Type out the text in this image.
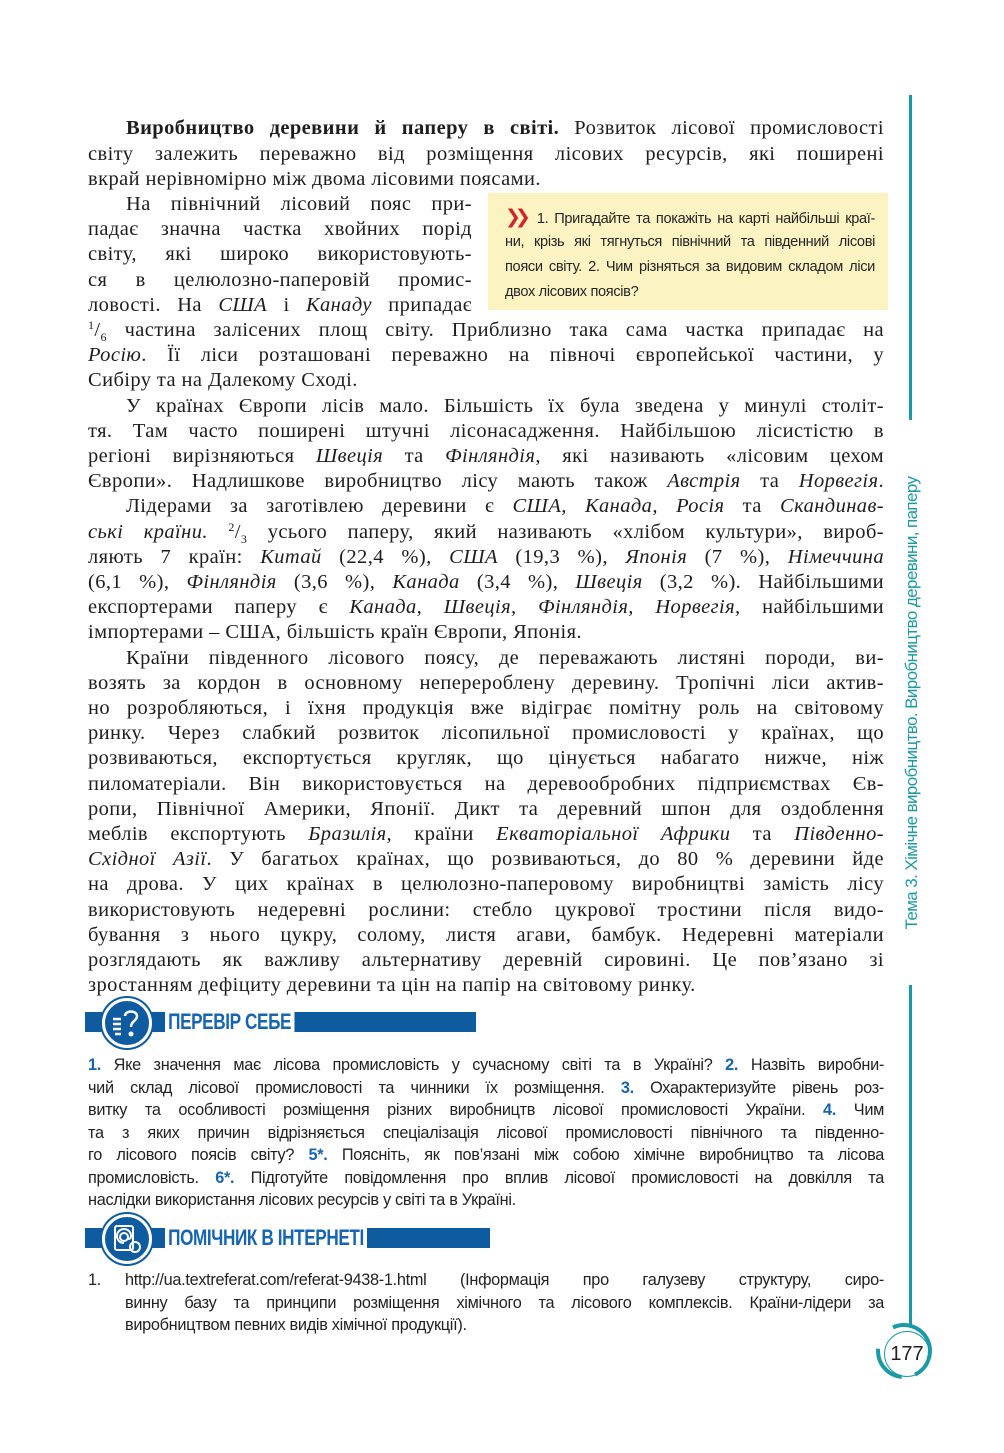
Виробництво деревини й паперу в світі. Розвиток лісової промисловості
світу залежить переважно від розміщення лісових ресурсів, які поширені
вкрай нерівномірно між двома лісовими поясами.
На північний лісовий пояс при-
падає значна частка хвойних порід
світу, які широко використовують-
ся в целюлозно-паперовій промис-
ловості. На США і Канаду припадає
$^1/_6$ частина залісених площ світу. Приблизно така сама частка припадає на
Росію. Її ліси розташовані переважно на півночі європейської частини, у
Сибіру та на Далекому Сході.
У країнах Європи лісів мало. Більшість їх була зведена у минулі століт-
тя. Там часто поширені штучні лісонасадження. Найбільшою лісистістю в
регіоні вирізняються Швеція та Фінляндія, які називають «лісовим цехом
Європи». Надлишкове виробництво лісу мають також Австрія та Норвегія.
Лідерами за заготівлею деревини є США, Канада, Росія та Скандинав-
ські країни. $^2/_3$ усього паперу, який називають «хлібом культури», вироб-
ляють 7 країн: Китай (22,4 %), США (19,3 %), Японія (7 %), Німеччина
(6,1 %), Фінляндія (3,6 %), Канада (3,4 %), Швеція (3,2 %). Найбільшими
експортерами паперу є Канада, Швеція, Фінляндія, Норвегія, найбільшими
імпортерами – США, більшість країн Європи, Японія.
Країни південного лісового поясу, де переважають листяні породи, ви-
возять за кордон в основному неперероблену деревину. Тропічні ліси актив-
но розробляються, і їхня продукція вже відіграє помітну роль на світовому
ринку. Через слабкий розвиток лісопильної промисловості у країнах, що
розвиваються, експортується кругляк, що цінується набагато нижче, ніж
пиломатеріали. Він використовується на деревообробних підприємствах Єв-
ропи, Північної Америки, Японії. Дикт та деревний шпон для оздоблення
меблів експортують Бразилія, країни Екваторіальної Африки та Південно-
Східної Азії. У багатьох країнах, що розвиваються, до 80 % деревини йде
на дрова. У цих країнах в целюлозно-паперовому виробництві замість лісу
використовують недеревні рослини: стебло цукрової тростини після видо-
бування з нього цукру, солому, листя агави, бамбук. Недеревні матеріали
розглядають як важливу альтернативу деревній сировині. Це пов’язано зі
зростанням дефіциту деревини та цін на папір на світовому ринку.
❯❯ 1. Пригадайте та покажіть на карті найбільші краї-
ни, крізь які тягнуться північний та південний лісові
пояси світу. 2. Чим різняться за видовим складом ліси
двох лісових поясів?
ПЕРЕВІР СЕБЕ
1. Яке значення має лісова промисловість у сучасному світі та в Україні? 2. Назвіть виробни-
чий склад лісової промисловості та чинники їх розміщення. 3. Охарактеризуйте рівень роз-
витку та особливості розміщення різних виробництв лісової промисловості України. 4. Чим
та з яких причин відрізняється спеціалізація лісової промисловості північного та південно-
го лісового поясів світу? 5*. Поясніть, як пов’язані між собою хімічне виробництво та лісова
промисловість. 6*. Підготуйте повідомлення про вплив лісової промисловості на довкілля та
наслідки використання лісових ресурсів у світі та в Україні.
ПОМІЧНИК В ІНТЕРНЕТІ
1. http://ua.textreferat.com/referat-9438-1.html (Інформація про галузеву структуру, сиро-
винну базу та принципи розміщення хімічного та лісового комплексів. Країни-лідери за
виробництвом певних видів хімічної продукції).
Тема 3. Хімічне виробництво. Виробництво деревини, паперу
177
